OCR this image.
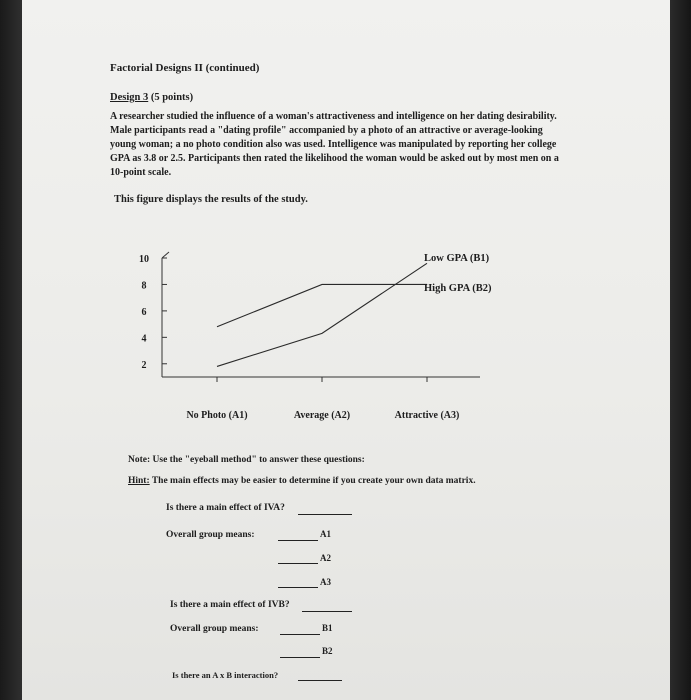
Factorial Designs II (continued)
Design 3 (5 points)
A researcher studied the influence of a woman's attractiveness and intelligence on her dating desirability.
Male participants read a "dating profile" accompanied by a photo of an attractive or average-looking
young woman; a no photo condition also was used. Intelligence was manipulated by reporting her college
GPA as 3.8 or 2.5. Participants then rated the likelihood the woman would be asked out by most men on a
10-point scale.
This figure displays the results of the study.
10
8
6
4
2
No Photo (A1)	Average (A2)	Attractive (A3)
Low GPA (B1)
High GPA (B2)
Note: Use the "eyeball method" to answer these questions:
Hint: The main effects may be easier to determine if you create your own data matrix.
Is there a main effect of IVA?
Overall group means:	A1
A2
A3
Is there a main effect of IVB?
Overall group means:	B1
B2
Is there an A x B interaction?
